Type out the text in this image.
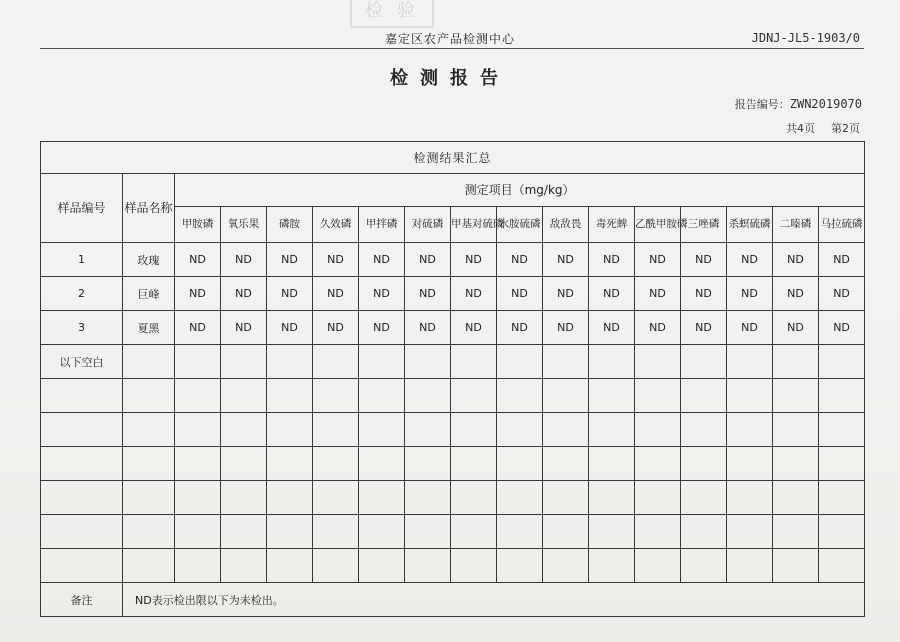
检 验
嘉定区农产品检测中心	JDNJ-JL5-1903/0
检测报告
报告编号：ZWN2019070
共4页 第2页
检测结果汇总																
样品编号	样品名称	测定项目（mg/kg）														
		甲胺磷	氧乐果	磷胺	久效磷	甲拌磷	对硫磷	甲基对硫磷	水胺硫磷	敌敌畏	毒死蜱	乙酰甲胺磷	三唑磷	杀螟硫磷	二嗪磷	马拉硫磷
1	玫瑰	ND	ND	ND	ND	ND	ND	ND	ND	ND	ND	ND	ND	ND	ND	ND
2	巨峰	ND	ND	ND	ND	ND	ND	ND	ND	ND	ND	ND	ND	ND	ND	ND
3	夏黑	ND	ND	ND	ND	ND	ND	ND	ND	ND	ND	ND	ND	ND	ND	ND
以下空白																

备注	ND表示检出限以下为未检出。															
